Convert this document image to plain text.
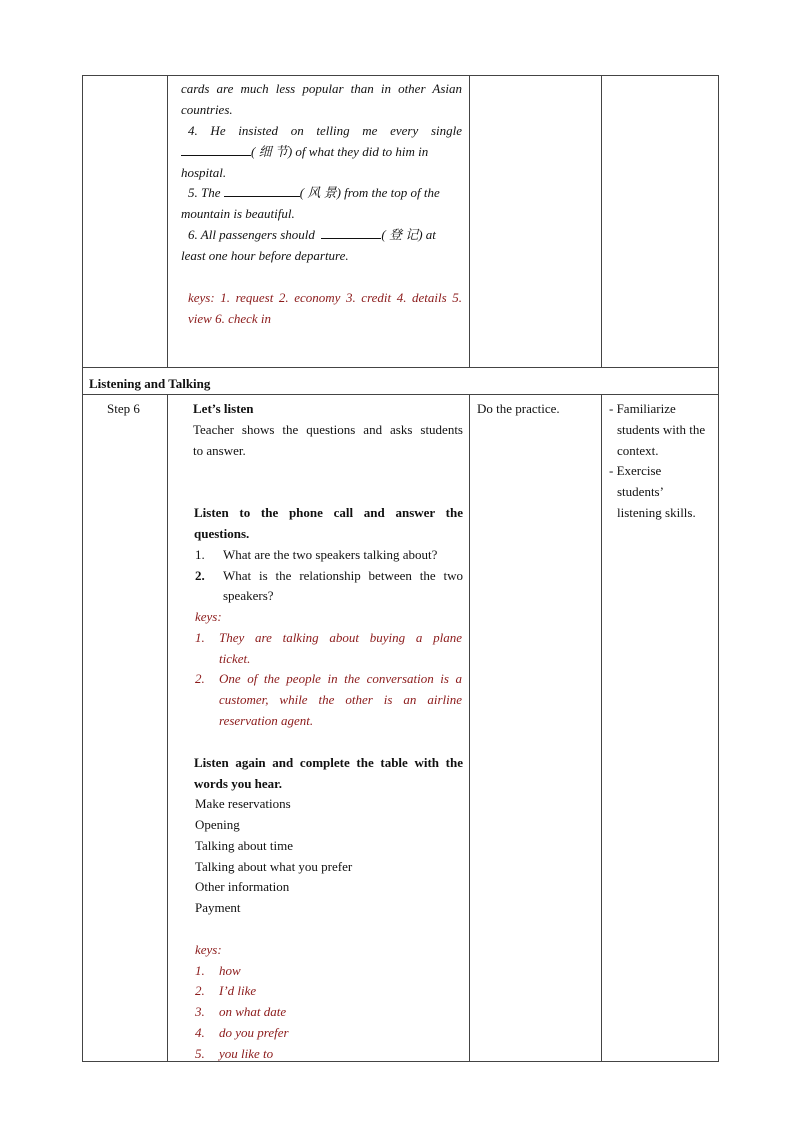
cards are much less popular than in other Asian
countries.
4. He insisted on telling me every single
( 细 节) of what they did to him in
hospital.
5. The	( 风 景) from the top of the
mountain is beautiful.
6. All passengers should	( 登 记) at
least one hour before departure.
keys: 1. request 2. economy 3. credit 4. details 5.
view 6. check in
Listening and Talking
Step 6	Let’s listen
Teacher shows the questions and asks students
to answer.
Listen to the phone call and answer the
questions.
1. What are the two speakers talking about?
2. What is the relationship between the two
speakers?
keys:
1. They are talking about buying a plane
ticket.
2. One of the people in the conversation is a
customer, while the other is an airline
reservation agent.
Listen again and complete the table with the
words you hear.
Make reservations
Opening
Talking about time
Talking about what you prefer
Other information
Payment
keys:
1. how
2. I’d like
3. on what date
4. do you prefer
5. you like to
Do the practice.	- Familiarize
students with the
context.
- Exercise
students’
listening skills.
